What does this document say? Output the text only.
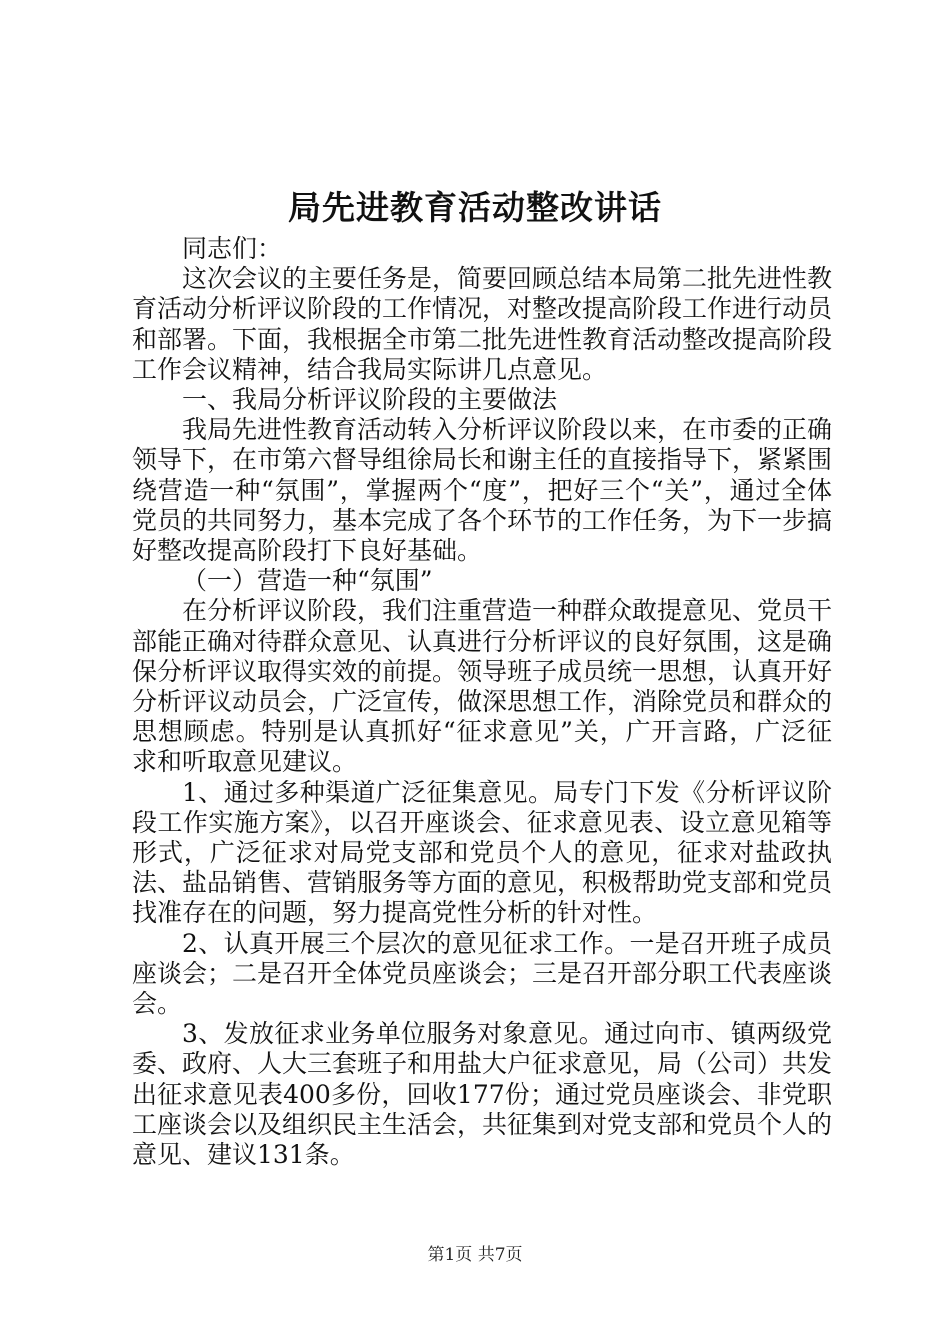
局先进教育活动整改讲话

同志们：

这次会议的主要任务是，简要回顾总结本局第二批先进性教育活动分析评议阶段的工作情况，对整改提高阶段工作进行动员和部署。下面，我根据全市第二批先进性教育活动整改提高阶段工作会议精神，结合我局实际讲几点意见。

一、我局分析评议阶段的主要做法

我局先进性教育活动转入分析评议阶段以来，在市委的正确领导下，在市第六督导组徐局长和谢主任的直接指导下，紧紧围绕营造一种“氛围”，掌握两个“度”，把好三个“关”，通过全体党员的共同努力，基本完成了各个环节的工作任务，为下一步搞好整改提高阶段打下良好基础。

（一）营造一种“氛围”

在分析评议阶段，我们注重营造一种群众敢提意见、党员干部能正确对待群众意见、认真进行分析评议的良好氛围，这是确保分析评议取得实效的前提。领导班子成员统一思想，认真开好分析评议动员会，广泛宣传，做深思想工作，消除党员和群众的思想顾虑。特别是认真抓好“征求意见”关，广开言路，广泛征求和听取意见建议。

1、通过多种渠道广泛征集意见。局专门下发《分析评议阶段工作实施方案》，以召开座谈会、征求意见表、设立意见箱等形式，广泛征求对局党支部和党员个人的意见，征求对盐政执法、盐品销售、营销服务等方面的意见，积极帮助党支部和党员找准存在的问题，努力提高党性分析的针对性。

2、认真开展三个层次的意见征求工作。一是召开班子成员座谈会；二是召开全体党员座谈会；三是召开部分职工代表座谈会。

3、发放征求业务单位服务对象意见。通过向市、镇两级党委、政府、人大三套班子和用盐大户征求意见，局（公司）共发出征求意见表400多份，回收177份；通过党员座谈会、非党职工座谈会以及组织民主生活会，共征集到对党支部和党员个人的意见、建议131条。

第1页 共7页
